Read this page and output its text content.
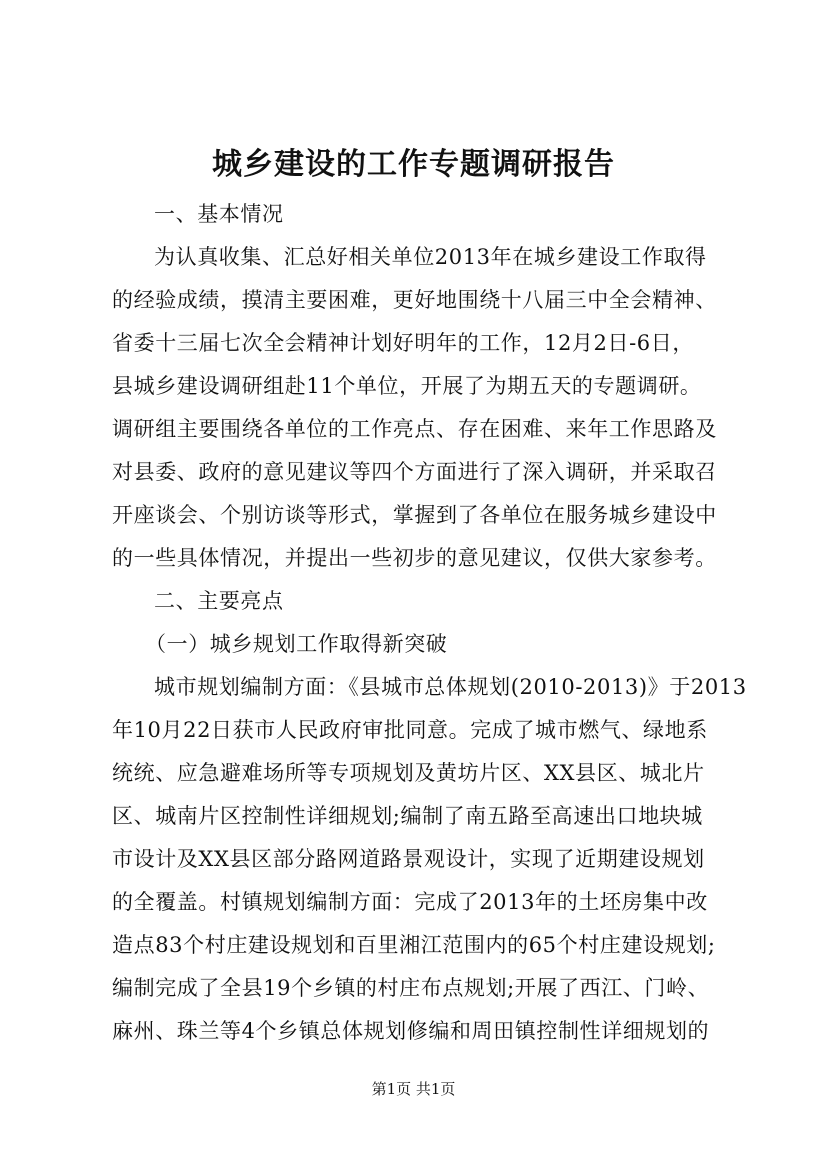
城乡建设的工作专题调研报告
一、基本情况
为认真收集、汇总好相关单位2013年在城乡建设工作取得
的经验成绩，摸清主要困难，更好地围绕十八届三中全会精神、
省委十三届七次全会精神计划好明年的工作，12月2日-6日，
县城乡建设调研组赴11个单位，开展了为期五天的专题调研。
调研组主要围绕各单位的工作亮点、存在困难、来年工作思路及
对县委、政府的意见建议等四个方面进行了深入调研，并采取召
开座谈会、个别访谈等形式，掌握到了各单位在服务城乡建设中
的一些具体情况，并提出一些初步的意见建议，仅供大家参考。
二、主要亮点
（一）城乡规划工作取得新突破
城市规划编制方面：《县城市总体规划(2010-2013)》于2013
年10月22日获市人民政府审批同意。完成了城市燃气、绿地系
统统、应急避难场所等专项规划及黄坊片区、XX县区、城北片
区、城南片区控制性详细规划;编制了南五路至高速出口地块城
市设计及XX县区部分路网道路景观设计，实现了近期建设规划
的全覆盖。村镇规划编制方面：完成了2013年的土坯房集中改
造点83个村庄建设规划和百里湘江范围内的65个村庄建设规划;
编制完成了全县19个乡镇的村庄布点规划;开展了西江、门岭、
麻州、珠兰等4个乡镇总体规划修编和周田镇控制性详细规划的
第1页 共1页
